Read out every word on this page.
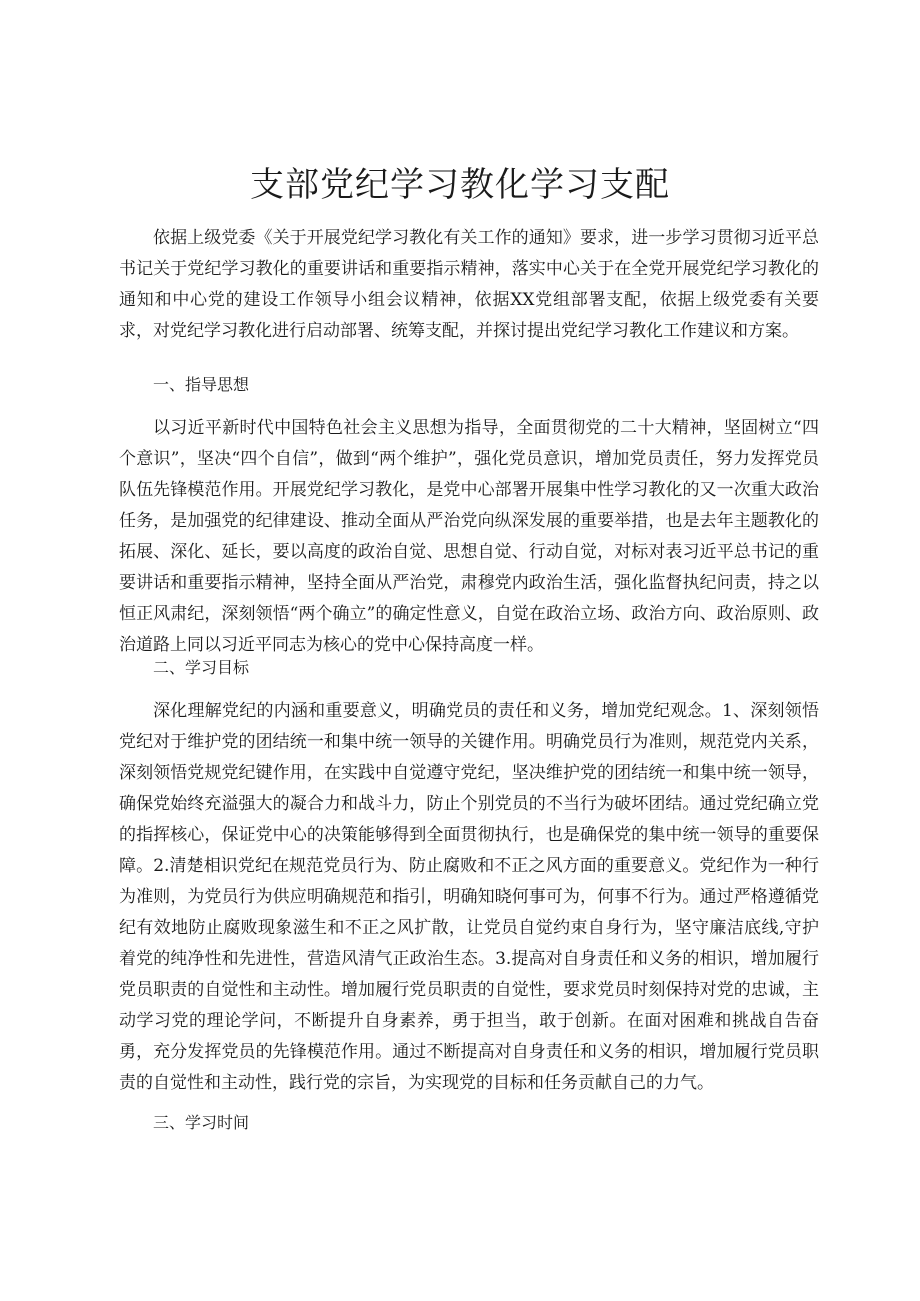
支部党纪学习教化学习支配

依据上级党委《关于开展党纪学习教化有关工作的通知》要求，进一步学习贯彻习近平总书记关于党纪学习教化的重要讲话和重要指示精神，落实中心关于在全党开展党纪学习教化的通知和中心党的建设工作领导小组会议精神，依据XX党组部署支配，依据上级党委有关要求，对党纪学习教化进行启动部署、统筹支配，并探讨提出党纪学习教化工作建议和方案。

一、指导思想

以习近平新时代中国特色社会主义思想为指导，全面贯彻党的二十大精神，坚固树立“四个意识”，坚决“四个自信”，做到“两个维护”，强化党员意识，增加党员责任，努力发挥党员队伍先锋模范作用。开展党纪学习教化，是党中心部署开展集中性学习教化的又一次重大政治任务，是加强党的纪律建设、推动全面从严治党向纵深发展的重要举措，也是去年主题教化的拓展、深化、延长，要以高度的政治自觉、思想自觉、行动自觉，对标对表习近平总书记的重要讲话和重要指示精神，坚持全面从严治党，肃穆党内政治生活，强化监督执纪问责，持之以恒正风肃纪，深刻领悟“两个确立”的确定性意义，自觉在政治立场、政治方向、政治原则、政治道路上同以习近平同志为核心的党中心保持高度一样。

二、学习目标

深化理解党纪的内涵和重要意义，明确党员的责任和义务，增加党纪观念。1、深刻领悟党纪对于维护党的团结统一和集中统一领导的关键作用。明确党员行为准则，规范党内关系，深刻领悟党规党纪键作用，在实践中自觉遵守党纪，坚决维护党的团结统一和集中统一领导，确保党始终充溢强大的凝合力和战斗力，防止个别党员的不当行为破坏团结。通过党纪确立党的指挥核心，保证党中心的决策能够得到全面贯彻执行，也是确保党的集中统一领导的重要保障。2.清楚相识党纪在规范党员行为、防止腐败和不正之风方面的重要意义。党纪作为一种行为准则，为党员行为供应明确规范和指引，明确知晓何事可为，何事不行为。通过严格遵循党纪有效地防止腐败现象滋生和不正之风扩散，让党员自觉约束自身行为，坚守廉洁底线,守护着党的纯净性和先进性，营造风清气正政治生态。3.提高对自身责任和义务的相识，增加履行党员职责的自觉性和主动性。增加履行党员职责的自觉性，要求党员时刻保持对党的忠诚，主动学习党的理论学问，不断提升自身素养，勇于担当，敢于创新。在面对困难和挑战自告奋勇，充分发挥党员的先锋模范作用。通过不断提高对自身责任和义务的相识，增加履行党员职责的自觉性和主动性，践行党的宗旨，为实现党的目标和任务贡献自己的力气。

三、学习时间
